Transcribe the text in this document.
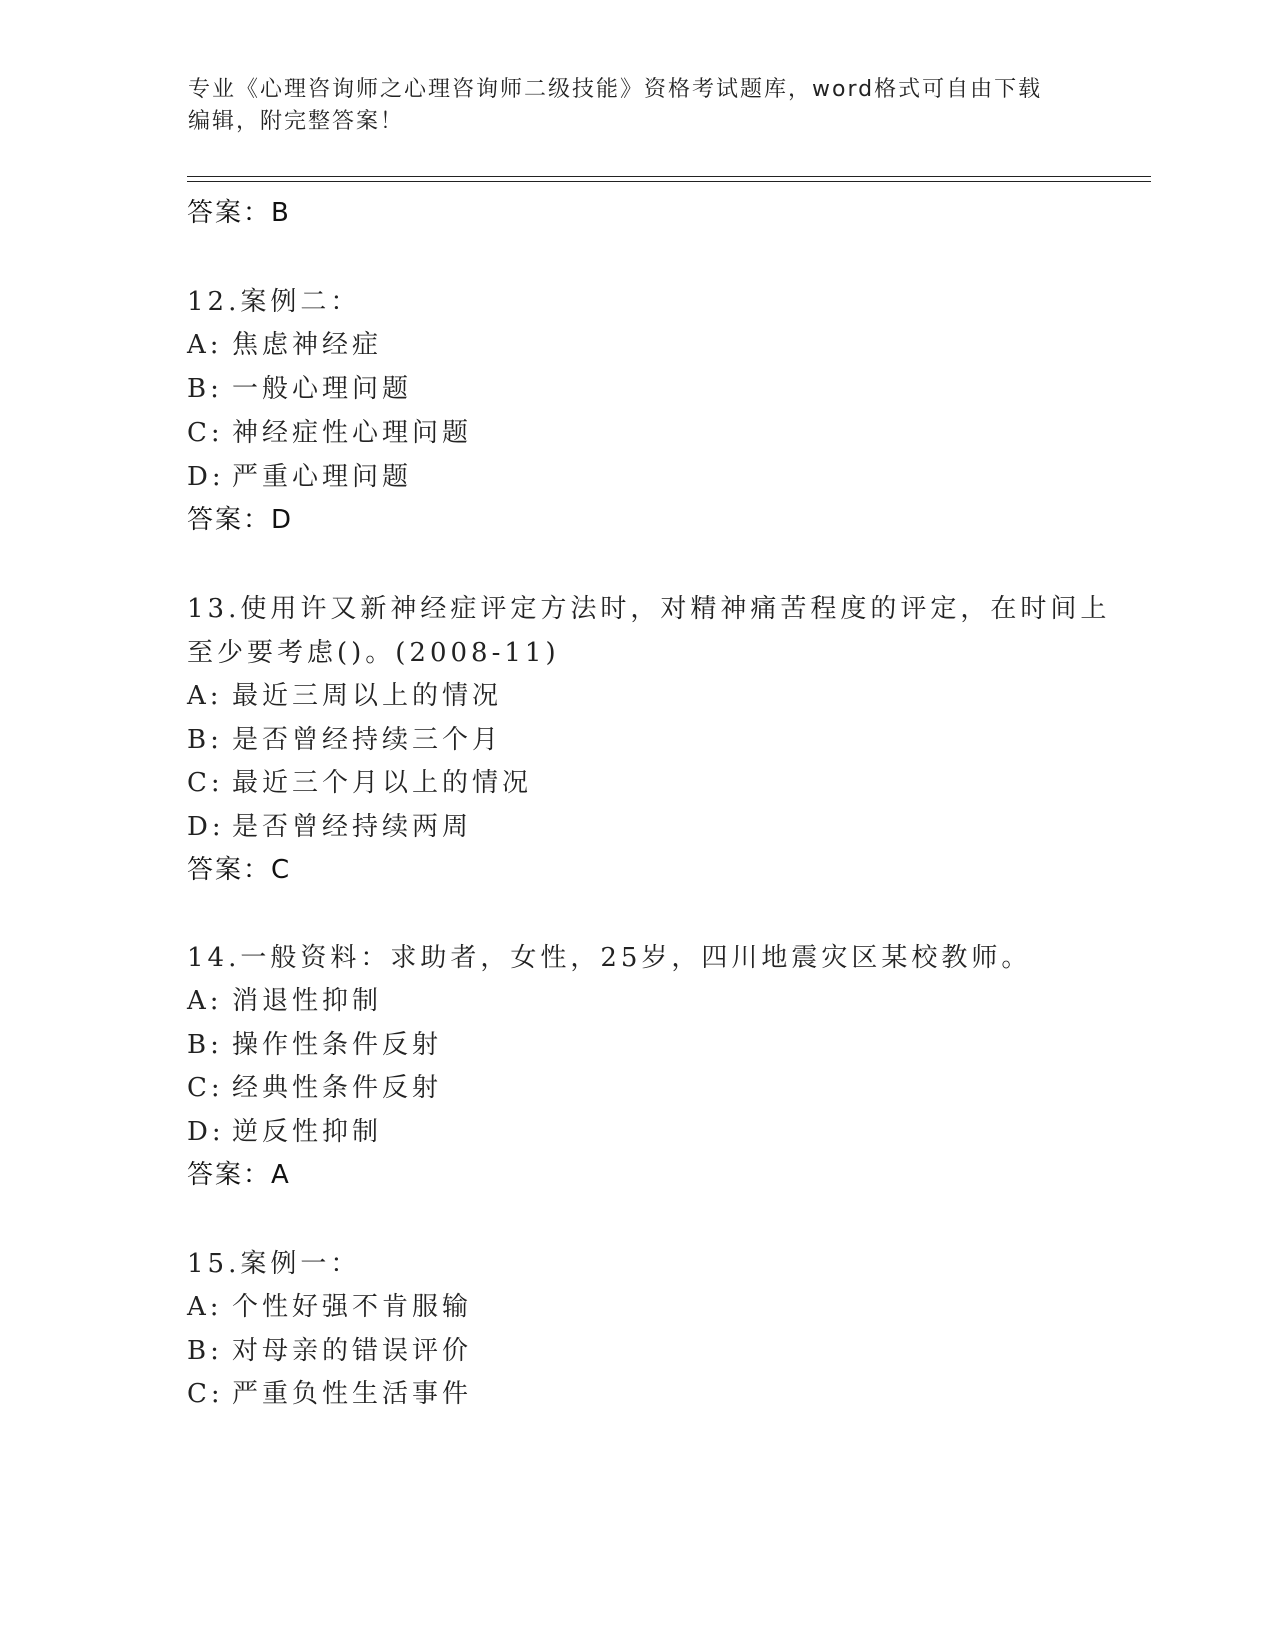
专业《心理咨询师之心理咨询师二级技能》资格考试题库，word格式可自由下载
编辑，附完整答案！
答案：B
12.案例二：
A: 焦虑神经症
B: 一般心理问题
C: 神经症性心理问题
D: 严重心理问题
答案：D
13.使用许又新神经症评定方法时，对精神痛苦程度的评定，在时间上
至少要考虑()。(2008-11)
A: 最近三周以上的情况
B: 是否曾经持续三个月
C: 最近三个月以上的情况
D: 是否曾经持续两周
答案：C
14.一般资料：求助者，女性，25岁，四川地震灾区某校教师。
A: 消退性抑制
B: 操作性条件反射
C: 经典性条件反射
D: 逆反性抑制
答案：A
15.案例一：
A: 个性好强不肯服输
B: 对母亲的错误评价
C: 严重负性生活事件
